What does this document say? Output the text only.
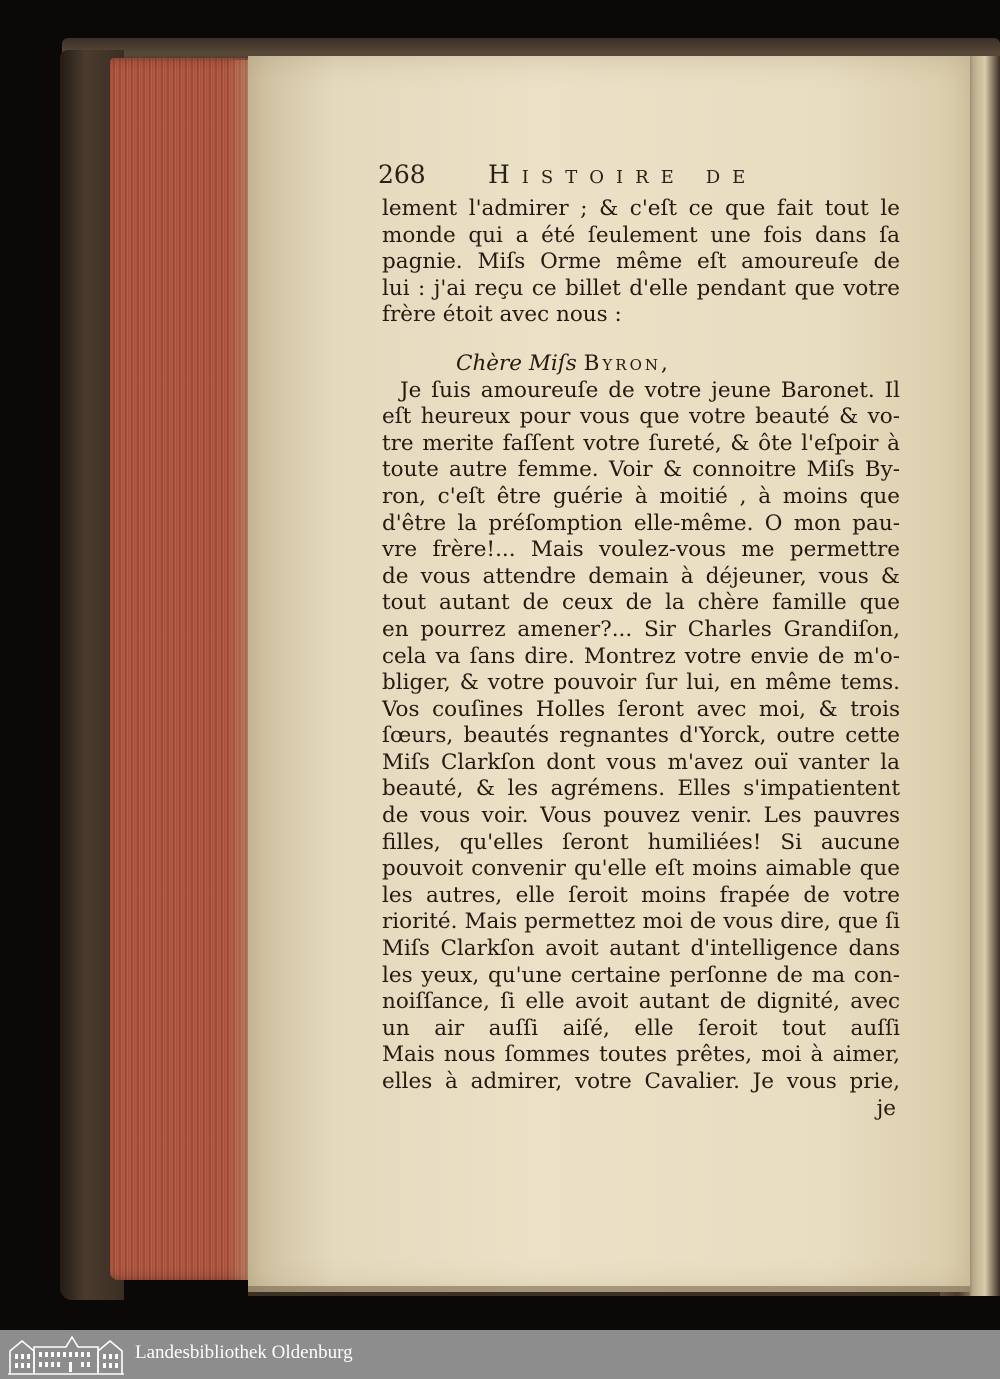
268 Histoire de
lement l'admirer ; & c'eſt ce que fait tout le
monde qui a été ſeulement une fois dans ſa
pagnie. Miſs Orme même eſt amoureuſe de
lui : j'ai reçu ce billet d'elle pendant que votre
frère étoit avec nous :
Chère Miſs Byron,
Je ſuis amoureuſe de votre jeune Baronet. Il
eſt heureux pour vous que votre beauté & vo-
tre merite faſſent votre ſureté, & ôte l'eſpoir à
toute autre femme. Voir & connoitre Miſs By-
ron, c'eſt être guérie à moitié , à moins que
d'être la préſomption elle-même. O mon pau-
vre frère!... Mais voulez-vous me permettre
de vous attendre demain à déjeuner, vous &
tout autant de ceux de la chère famille que
en pourrez amener?... Sir Charles Grandiſon,
cela va ſans dire. Montrez votre envie de m'o-
bliger, & votre pouvoir ſur lui, en même tems.
Vos couſines Holles ſeront avec moi, & trois
ſœurs, beautés regnantes d'Yorck, outre cette
Miſs Clarkſon dont vous m'avez ouï vanter la
beauté, & les agrémens. Elles s'impatientent
de vous voir. Vous pouvez venir. Les pauvres
filles, qu'elles ſeront humiliées! Si aucune
pouvoit convenir qu'elle eſt moins aimable que
les autres, elle ſeroit moins frapée de votre
riorité. Mais permettez moi de vous dire, que ſi
Miſs Clarkſon avoit autant d'intelligence dans
les yeux, qu'une certaine perſonne de ma con-
noiſſance, ſi elle avoit autant de dignité, avec
un air auſſi aiſé, elle ſeroit tout auſſi
Mais nous ſommes toutes prêtes, moi à aimer,
elles à admirer, votre Cavalier. Je vous prie,
je
Landesbibliothek Oldenburg
